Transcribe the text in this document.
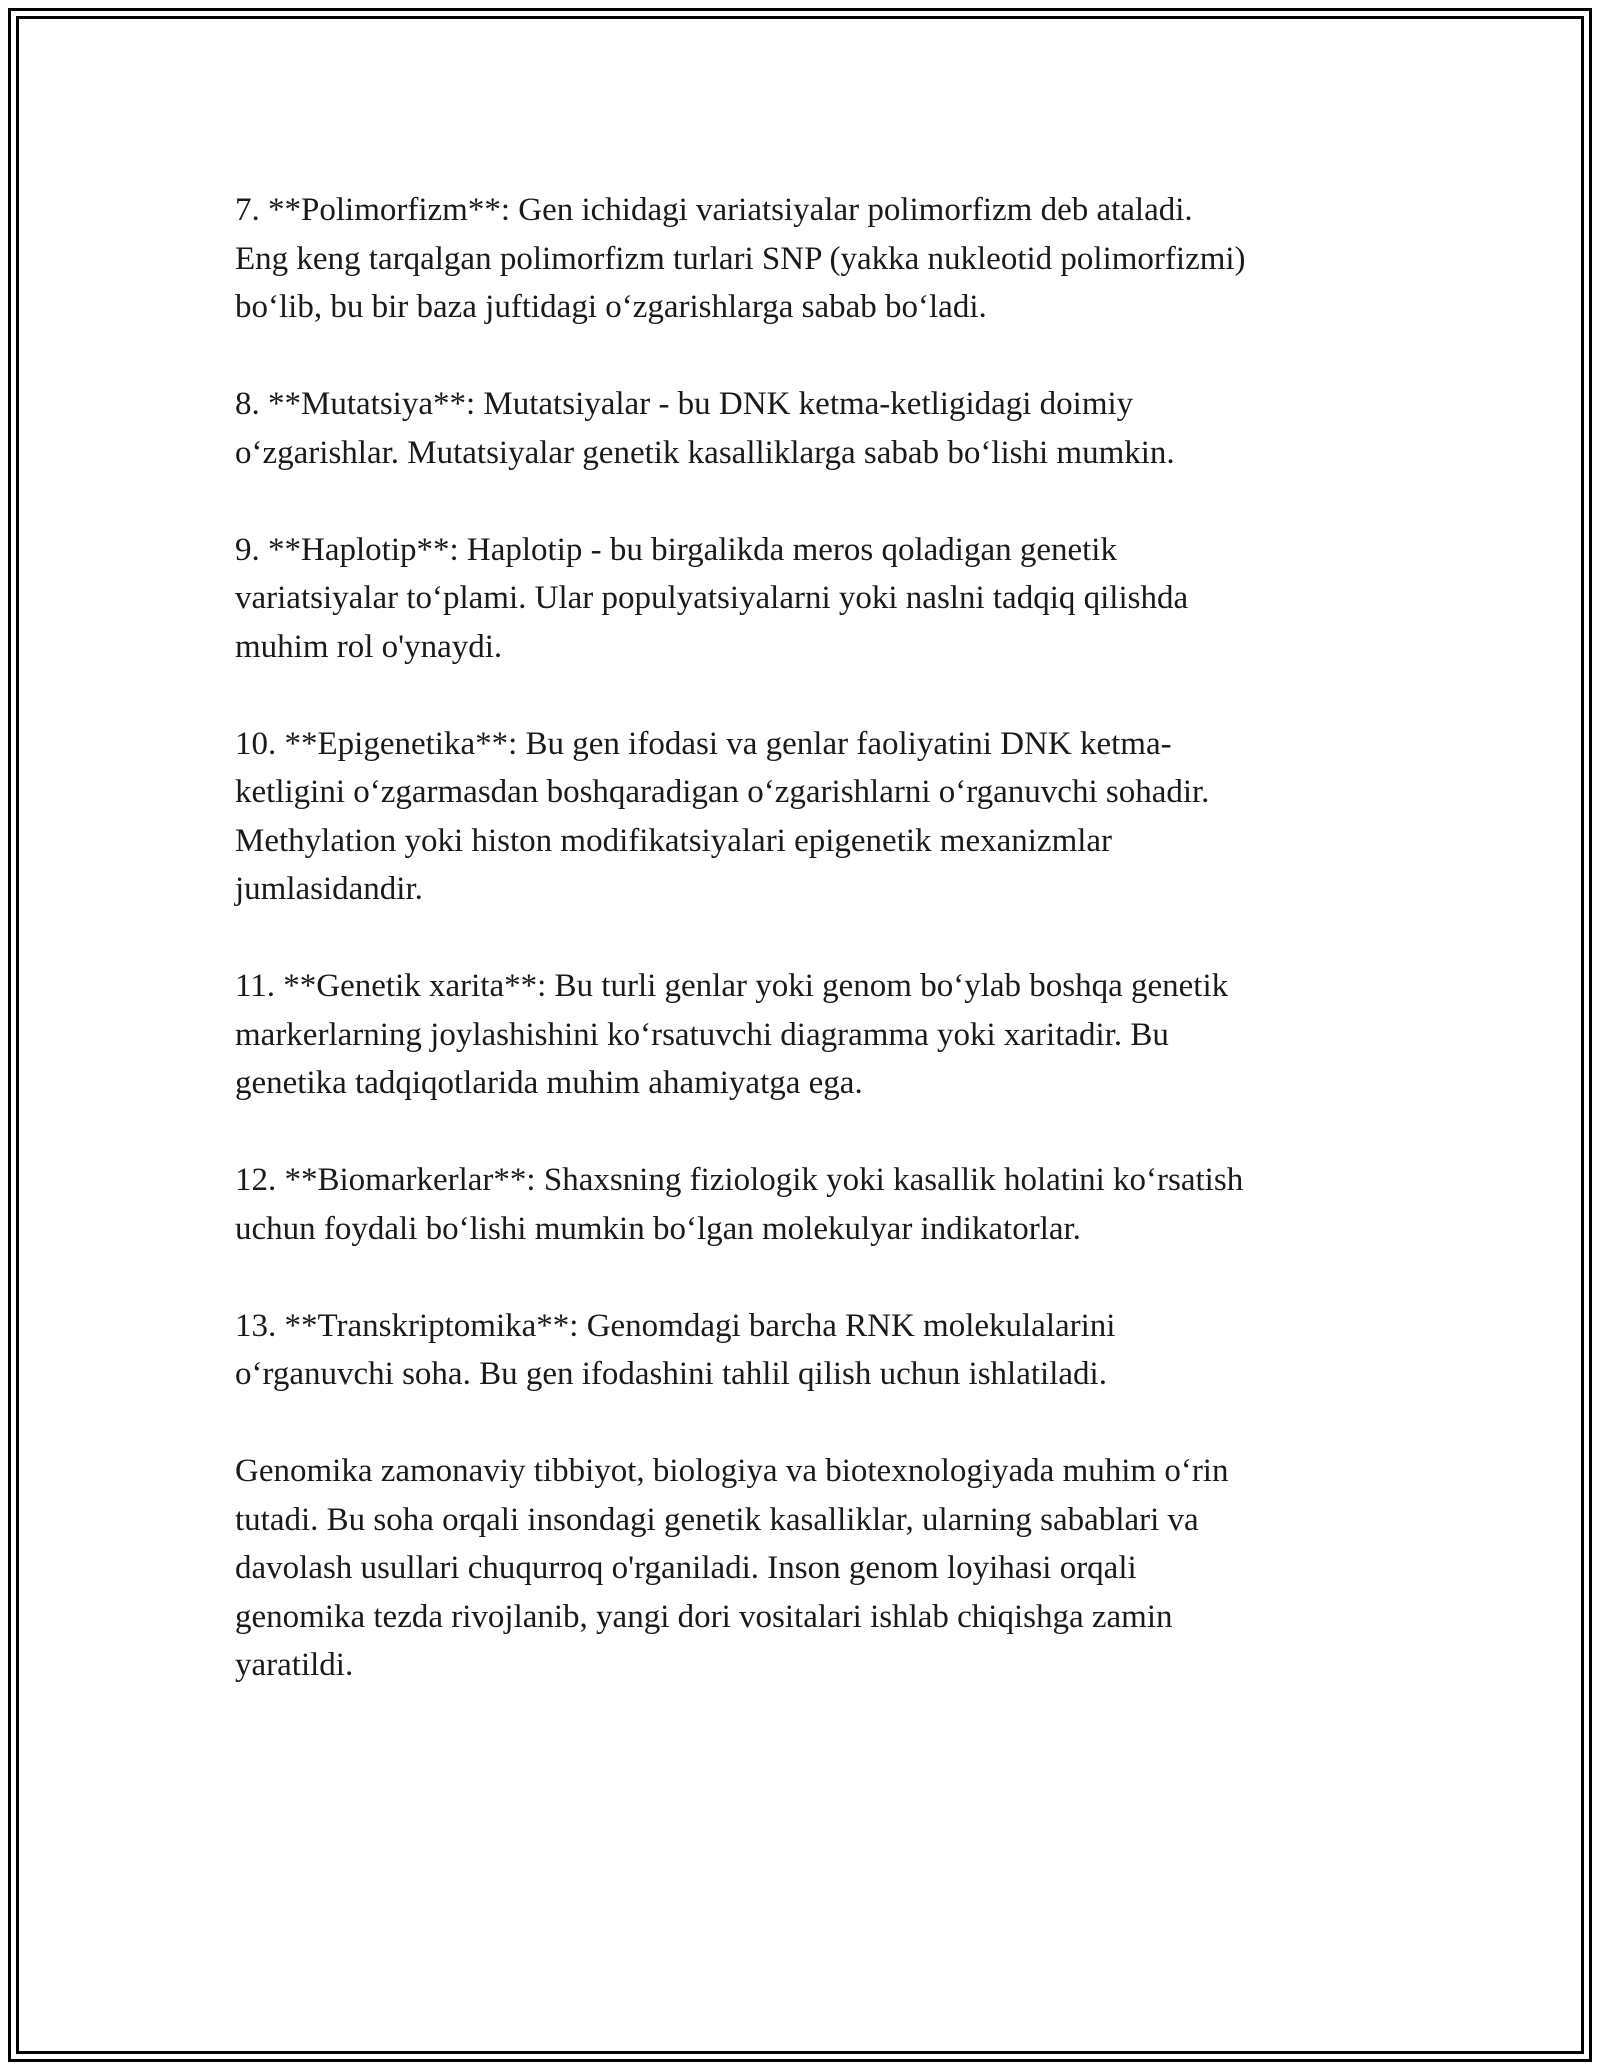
7. **Polimorfizm**: Gen ichidagi variatsiyalar polimorfizm deb ataladi.
Eng keng tarqalgan polimorfizm turlari SNP (yakka nukleotid polimorfizmi)
bo‘lib, bu bir baza juftidagi o‘zgarishlarga sabab bo‘ladi.

8. **Mutatsiya**: Mutatsiyalar - bu DNK ketma-ketligidagi doimiy
o‘zgarishlar. Mutatsiyalar genetik kasalliklarga sabab bo‘lishi mumkin.

9. **Haplotip**: Haplotip - bu birgalikda meros qoladigan genetik
variatsiyalar to‘plami. Ular populyatsiyalarni yoki naslni tadqiq qilishda
muhim rol o'ynaydi.

10. **Epigenetika**: Bu gen ifodasi va genlar faoliyatini DNK ketma-
ketligini o‘zgarmasdan boshqaradigan o‘zgarishlarni o‘rganuvchi sohadir.
Methylation yoki histon modifikatsiyalari epigenetik mexanizmlar
jumlasidandir.

11. **Genetik xarita**: Bu turli genlar yoki genom bo‘ylab boshqa genetik
markerlarning joylashishini ko‘rsatuvchi diagramma yoki xaritadir. Bu
genetika tadqiqotlarida muhim ahamiyatga ega.

12. **Biomarkerlar**: Shaxsning fiziologik yoki kasallik holatini ko‘rsatish
uchun foydali bo‘lishi mumkin bo‘lgan molekulyar indikatorlar.

13. **Transkriptomika**: Genomdagi barcha RNK molekulalarini
o‘rganuvchi soha. Bu gen ifodashini tahlil qilish uchun ishlatiladi.

Genomika zamonaviy tibbiyot, biologiya va biotexnologiyada muhim o‘rin
tutadi. Bu soha orqali insondagi genetik kasalliklar, ularning sabablari va
davolash usullari chuqurroq o'rganiladi. Inson genom loyihasi orqali
genomika tezda rivojlanib, yangi dori vositalari ishlab chiqishga zamin
yaratildi.
